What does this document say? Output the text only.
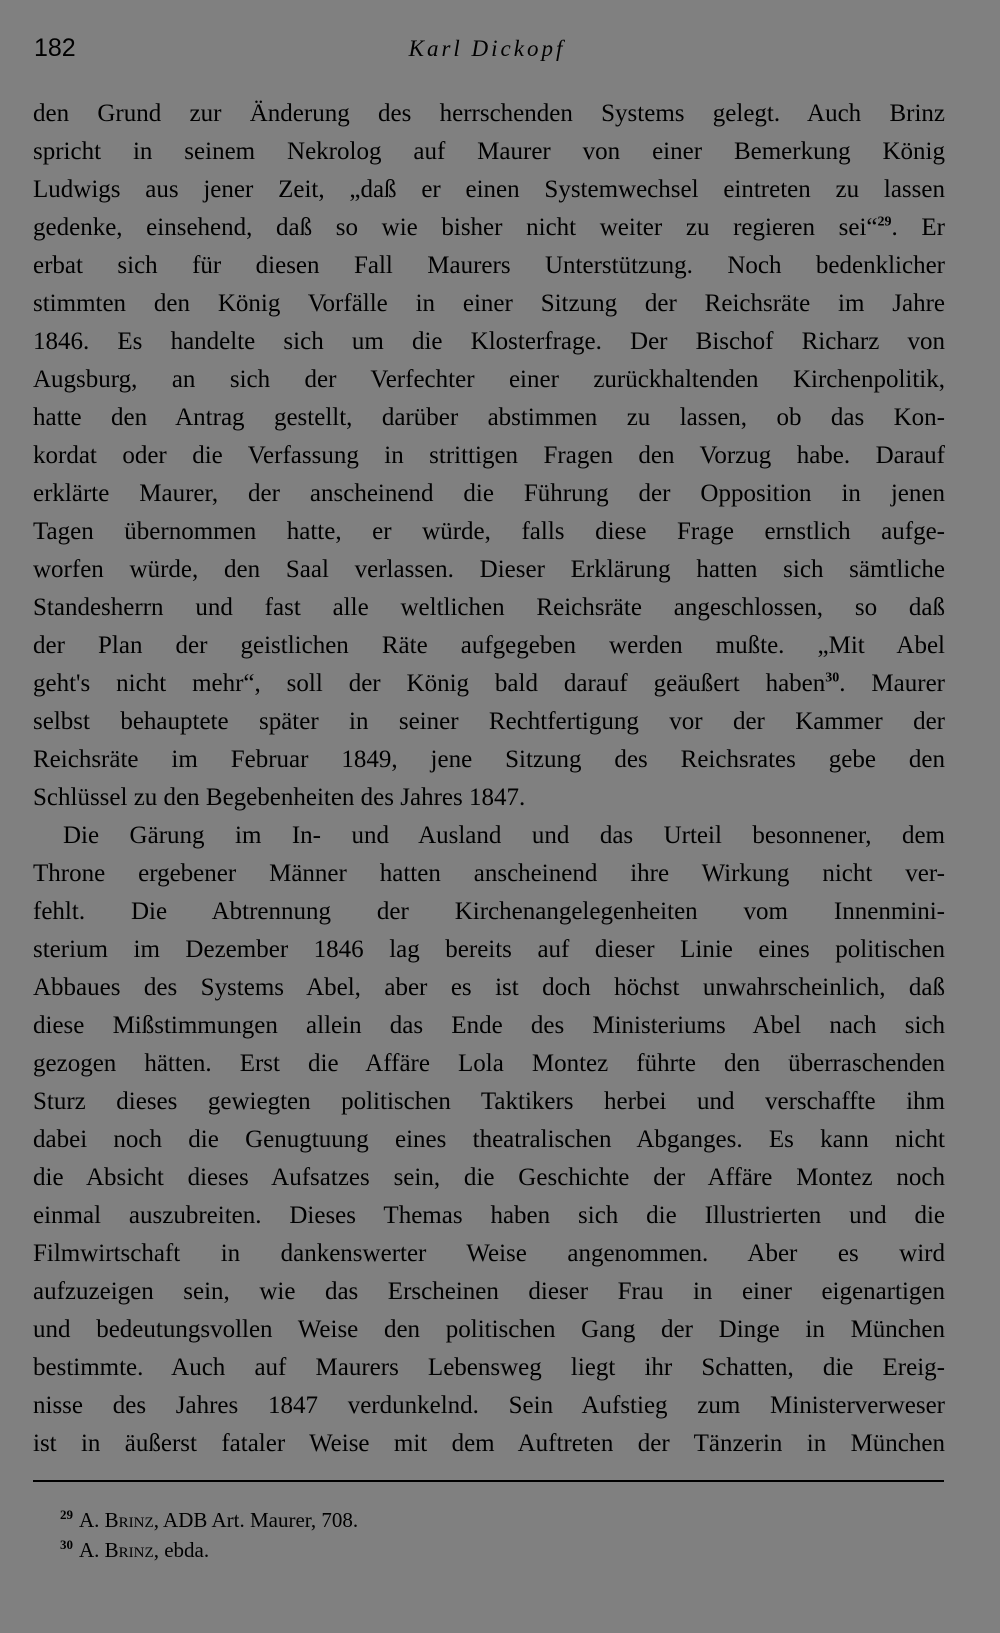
182	Karl Dickopf

den Grund zur Änderung des herrschenden Systems gelegt. Auch Brinz
spricht in seinem Nekrolog auf Maurer von einer Bemerkung König
Ludwigs aus jener Zeit, „daß er einen Systemwechsel eintreten zu lassen
gedenke, einsehend, daß so wie bisher nicht weiter zu regieren sei“$^{29}$. Er
erbat sich für diesen Fall Maurers Unterstützung. Noch bedenklicher
stimmten den König Vorfälle in einer Sitzung der Reichsräte im Jahre
1846. Es handelte sich um die Klosterfrage. Der Bischof Richarz von
Augsburg, an sich der Verfechter einer zurückhaltenden Kirchenpolitik,
hatte den Antrag gestellt, darüber abstimmen zu lassen, ob das Kon-
kordat oder die Verfassung in strittigen Fragen den Vorzug habe. Darauf
erklärte Maurer, der anscheinend die Führung der Opposition in jenen
Tagen übernommen hatte, er würde, falls diese Frage ernstlich aufge-
worfen würde, den Saal verlassen. Dieser Erklärung hatten sich sämtliche
Standesherrn und fast alle weltlichen Reichsräte angeschlossen, so daß
der Plan der geistlichen Räte aufgegeben werden mußte. „Mit Abel
geht's nicht mehr“, soll der König bald darauf geäußert haben$^{30}$. Maurer
selbst behauptete später in seiner Rechtfertigung vor der Kammer der
Reichsräte im Februar 1849, jene Sitzung des Reichsrates gebe den
Schlüssel zu den Begebenheiten des Jahres 1847.

Die Gärung im In- und Ausland und das Urteil besonnener, dem
Throne ergebener Männer hatten anscheinend ihre Wirkung nicht ver-
fehlt. Die Abtrennung der Kirchenangelegenheiten vom Innenmini-
sterium im Dezember 1846 lag bereits auf dieser Linie eines politischen
Abbaues des Systems Abel, aber es ist doch höchst unwahrscheinlich, daß
diese Mißstimmungen allein das Ende des Ministeriums Abel nach sich
gezogen hätten. Erst die Affäre Lola Montez führte den überraschenden
Sturz dieses gewiegten politischen Taktikers herbei und verschaffte ihm
dabei noch die Genugtuung eines theatralischen Abganges. Es kann nicht
die Absicht dieses Aufsatzes sein, die Geschichte der Affäre Montez noch
einmal auszubreiten. Dieses Themas haben sich die Illustrierten und die
Filmwirtschaft in dankenswerter Weise angenommen. Aber es wird
aufzuzeigen sein, wie das Erscheinen dieser Frau in einer eigenartigen
und bedeutungsvollen Weise den politischen Gang der Dinge in München
bestimmte. Auch auf Maurers Lebensweg liegt ihr Schatten, die Ereig-
nisse des Jahres 1847 verdunkelnd. Sein Aufstieg zum Ministerverweser
ist in äußerst fataler Weise mit dem Auftreten der Tänzerin in München

$^{29}$ A. Brinz, ADB Art. Maurer, 708.
$^{30}$ A. Brinz, ebda.
